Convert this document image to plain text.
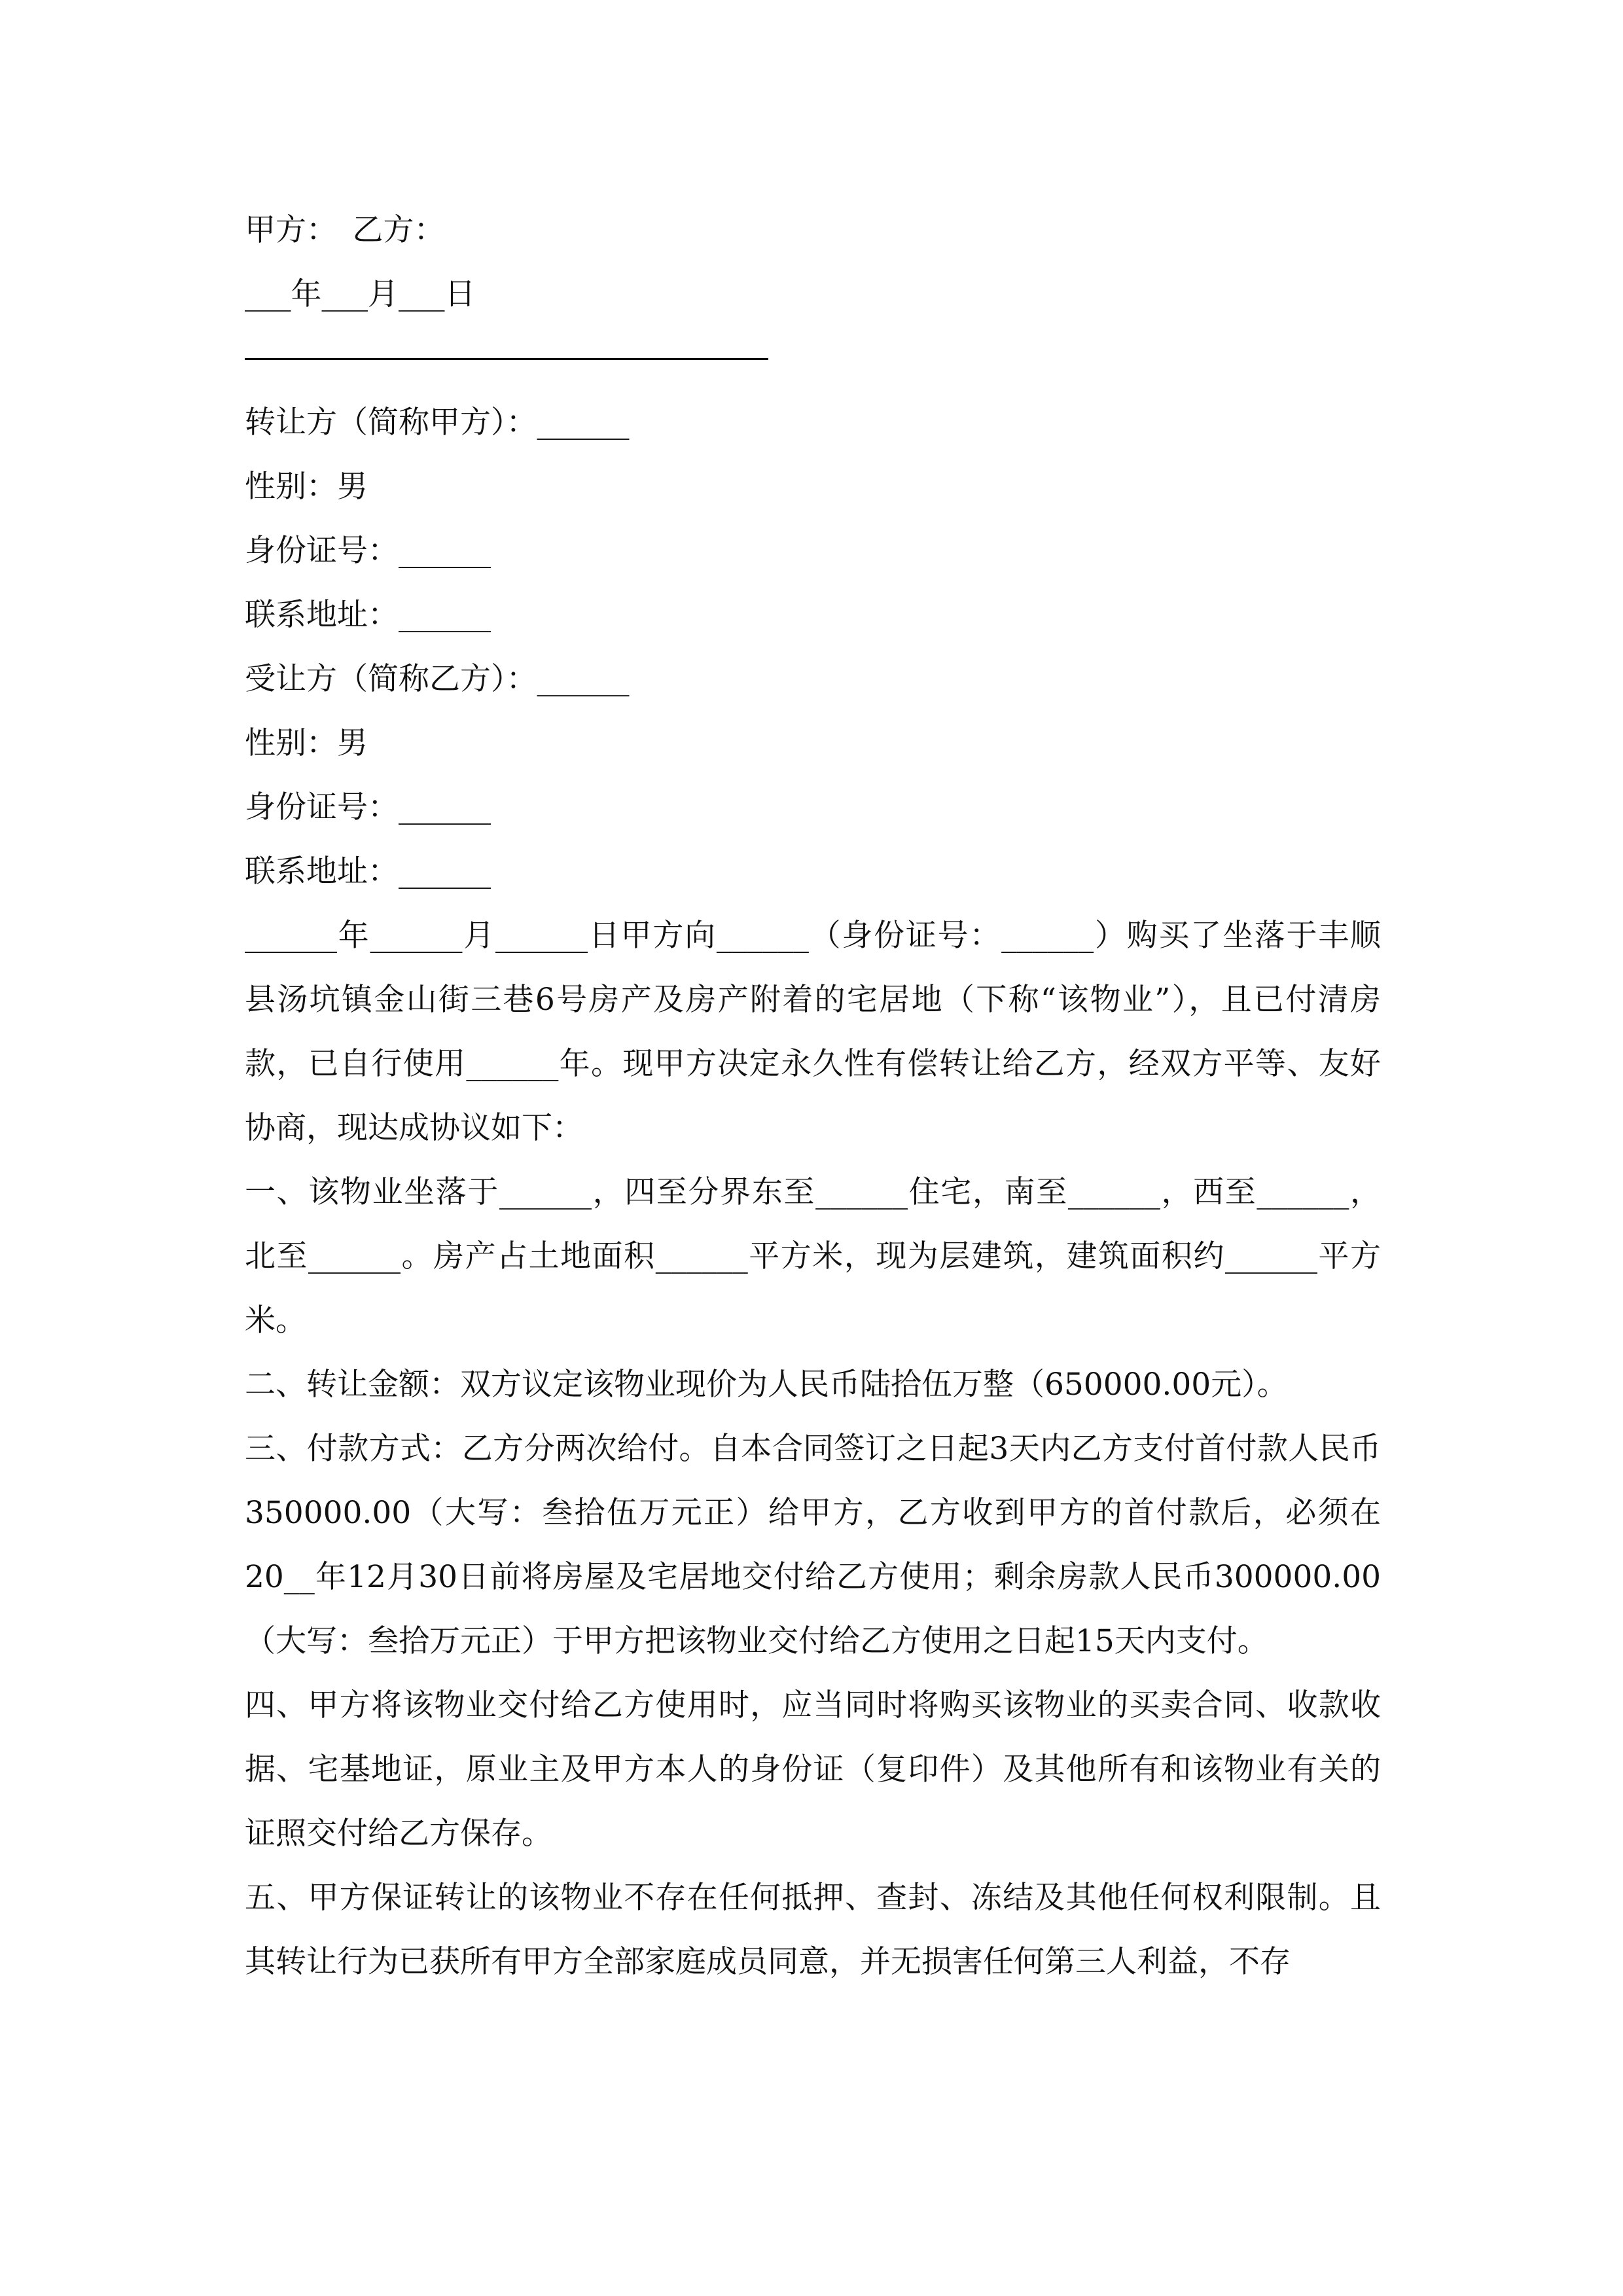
甲方：　乙方：
___年___月___日
转让方（简称甲方）：______
性别：男
身份证号：______
联系地址：______
受让方（简称乙方）：______
性别：男
身份证号：______
联系地址：______
______年______月______日甲方向______（身份证号：______）购买了坐落于丰顺县汤坑镇金山街三巷6号房产及房产附着的宅居地（下称“该物业”），且已付清房款，已自行使用______年。现甲方决定永久性有偿转让给乙方，经双方平等、友好协商，现达成协议如下：
一、该物业坐落于______，四至分界东至______住宅，南至______，西至______，北至______。房产占土地面积______平方米，现为层建筑，建筑面积约______平方米。
二、转让金额：双方议定该物业现价为人民币陆拾伍万整（650000.00元）。
三、付款方式：乙方分两次给付。自本合同签订之日起3天内乙方支付首付款人民币350000.00（大写：叁拾伍万元正）给甲方，乙方收到甲方的首付款后，必须在20__年12月30日前将房屋及宅居地交付给乙方使用；剩余房款人民币300000.00（大写：叁拾万元正）于甲方把该物业交付给乙方使用之日起15天内支付。
四、甲方将该物业交付给乙方使用时，应当同时将购买该物业的买卖合同、收款收据、宅基地证，原业主及甲方本人的身份证（复印件）及其他所有和该物业有关的证照交付给乙方保存。
五、甲方保证转让的该物业不存在任何抵押、查封、冻结及其他任何权利限制。且其转让行为已获所有甲方全部家庭成员同意，并无损害任何第三人利益，不存
